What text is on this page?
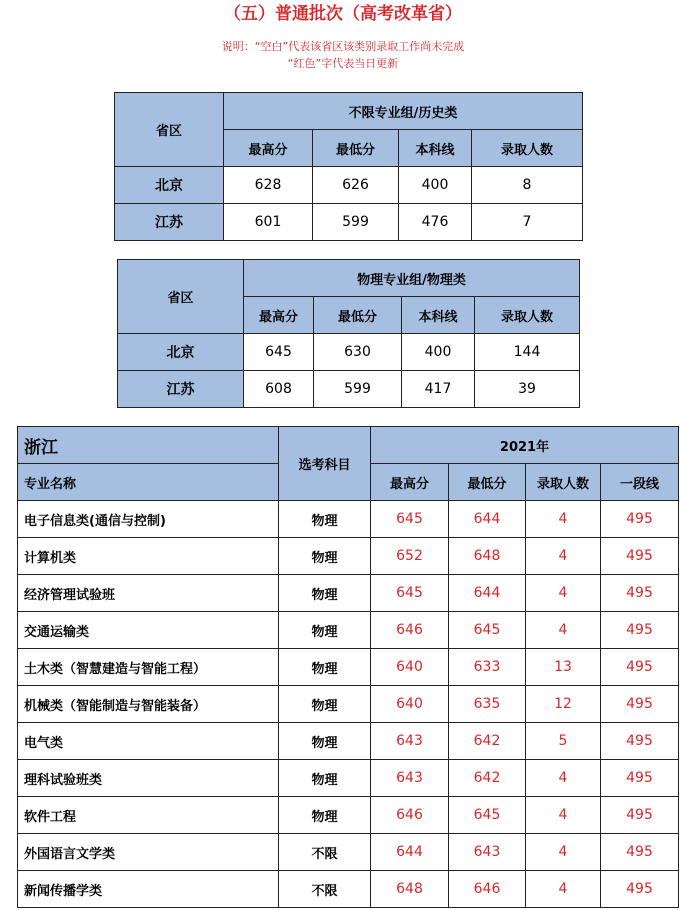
（五）普通批次（高考改革省）
说明：“空白”代表该省区该类别录取工作尚未完成
“红色”字代表当日更新
省区	不限专业组/历史类			
	最高分	最低分	本科线	录取人数
北京	628	626	400	8
江苏	601	599	476	7
省区	物理专业组/物理类			
	最高分	最低分	本科线	录取人数
北京	645	630	400	144
江苏	608	599	417	39
浙江	选考科目	2021年			
专业名称		最高分	最低分	录取人数	一段线
电子信息类(通信与控制)	物理	645	644	4	495
计算机类	物理	652	648	4	495
经济管理试验班	物理	645	644	4	495
交通运输类	物理	646	645	4	495
土木类（智慧建造与智能工程）	物理	640	633	13	495
机械类（智能制造与智能装备）	物理	640	635	12	495
电气类	物理	643	642	5	495
理科试验班类	物理	643	642	4	495
软件工程	物理	646	645	4	495
外国语言文学类	不限	644	643	4	495
新闻传播学类	不限	648	646	4	495
